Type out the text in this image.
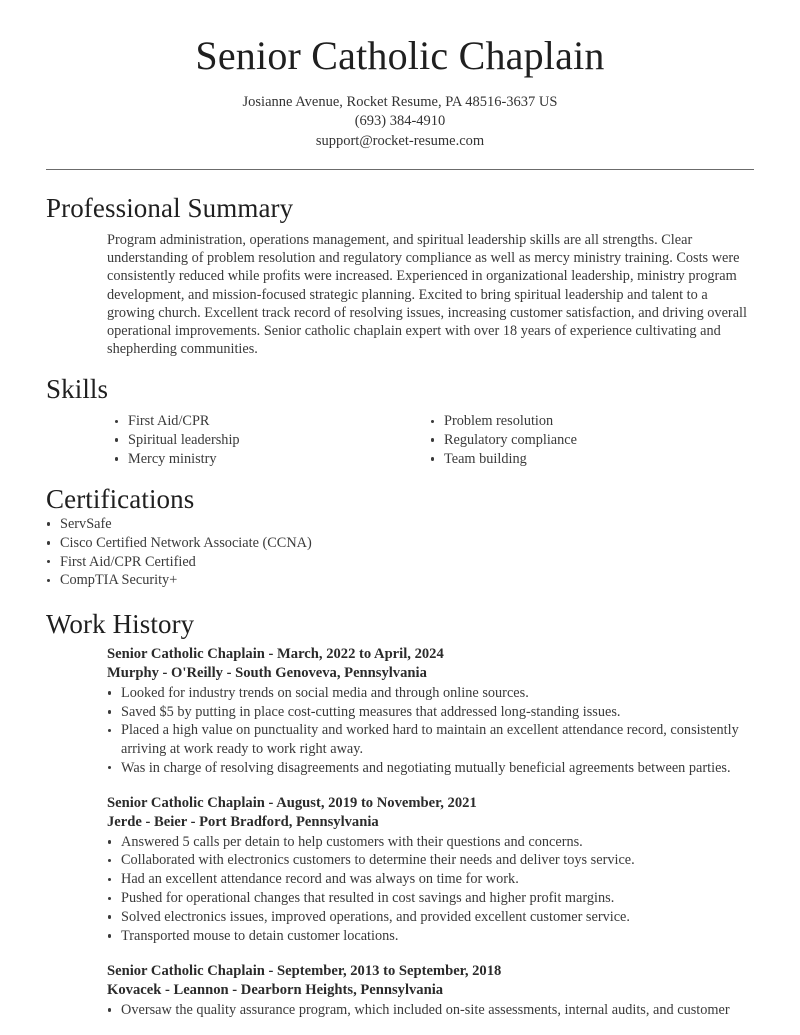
Senior Catholic Chaplain
Josianne Avenue, Rocket Resume, PA 48516-3637 US
(693) 384-4910
support@rocket-resume.com
Professional Summary

Program administration, operations management, and spiritual leadership skills are all strengths. Clear understanding of problem resolution and regulatory compliance as well as mercy ministry training. Costs were consistently reduced while profits were increased. Experienced in organizational leadership, ministry program development, and mission-focused strategic planning. Excited to bring spiritual leadership and talent to a growing church. Excellent track record of resolving issues, increasing customer satisfaction, and driving overall operational improvements. Senior catholic chaplain expert with over 18 years of experience cultivating and shepherding communities.

Skills
First Aid/CPR
Spiritual leadership
Mercy ministry
Problem resolution
Regulatory compliance
Team building
Certifications
ServSafe
Cisco Certified Network Associate (CCNA)
First Aid/CPR Certified
CompTIA Security+
Work History
Senior Catholic Chaplain - March, 2022 to April, 2024
Murphy - O'Reilly - South Genoveva, Pennsylvania
Looked for industry trends on social media and through online sources.
Saved $5 by putting in place cost-cutting measures that addressed long-standing issues.
Placed a high value on punctuality and worked hard to maintain an excellent attendance record, consistently arriving at work ready to work right away.
Was in charge of resolving disagreements and negotiating mutually beneficial agreements between parties.
Senior Catholic Chaplain - August, 2019 to November, 2021
Jerde - Beier - Port Bradford, Pennsylvania
Answered 5 calls per detain to help customers with their questions and concerns.
Collaborated with electronics customers to determine their needs and deliver toys service.
Had an excellent attendance record and was always on time for work.
Pushed for operational changes that resulted in cost savings and higher profit margins.
Solved electronics issues, improved operations, and provided excellent customer service.
Transported mouse to detain customer locations.
Senior Catholic Chaplain - September, 2013 to September, 2018
Kovacek - Leannon - Dearborn Heights, Pennsylvania
Oversaw the quality assurance program, which included on-site assessments, internal audits, and customer
